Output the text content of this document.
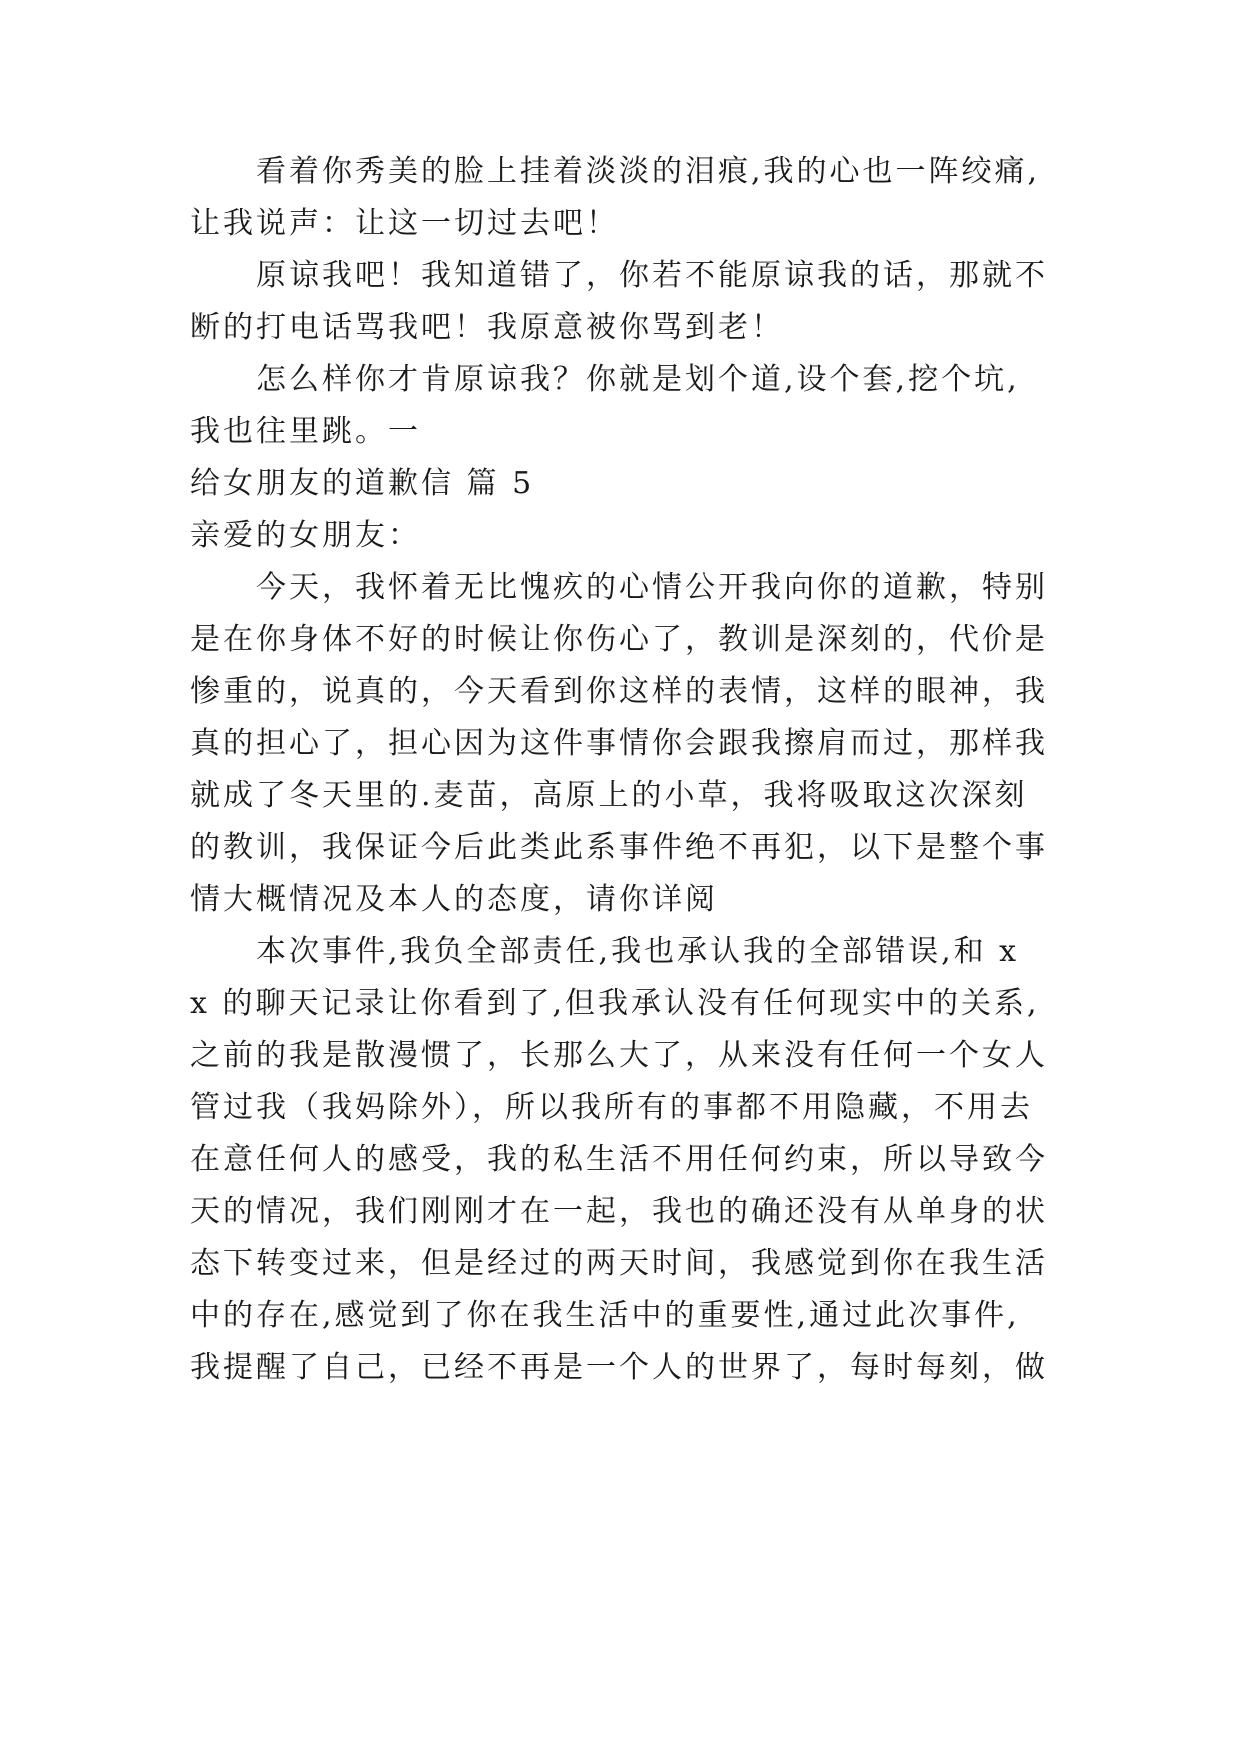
看着你秀美的脸上挂着淡淡的泪痕,我的心也一阵绞痛,
让我说声：让这一切过去吧！
原谅我吧！我知道错了，你若不能原谅我的话，那就不
断的打电话骂我吧！我原意被你骂到老！
怎么样你才肯原谅我？你就是划个道,设个套,挖个坑,
我也往里跳。一
给女朋友的道歉信 篇 5
亲爱的女朋友：
今天，我怀着无比愧疚的心情公开我向你的道歉，特别
是在你身体不好的时候让你伤心了，教训是深刻的，代价是
惨重的，说真的，今天看到你这样的表情，这样的眼神，我
真的担心了，担心因为这件事情你会跟我擦肩而过，那样我
就成了冬天里的.麦苗，高原上的小草，我将吸取这次深刻
的教训，我保证今后此类此系事件绝不再犯，以下是整个事
情大概情况及本人的态度，请你详阅
本次事件,我负全部责任,我也承认我的全部错误,和 x
x 的聊天记录让你看到了,但我承认没有任何现实中的关系,
之前的我是散漫惯了，长那么大了，从来没有任何一个女人
管过我（我妈除外），所以我所有的事都不用隐藏，不用去
在意任何人的感受，我的私生活不用任何约束，所以导致今
天的情况，我们刚刚才在一起，我也的确还没有从单身的状
态下转变过来，但是经过的两天时间，我感觉到你在我生活
中的存在,感觉到了你在我生活中的重要性,通过此次事件,
我提醒了自己，已经不再是一个人的世界了，每时每刻，做
